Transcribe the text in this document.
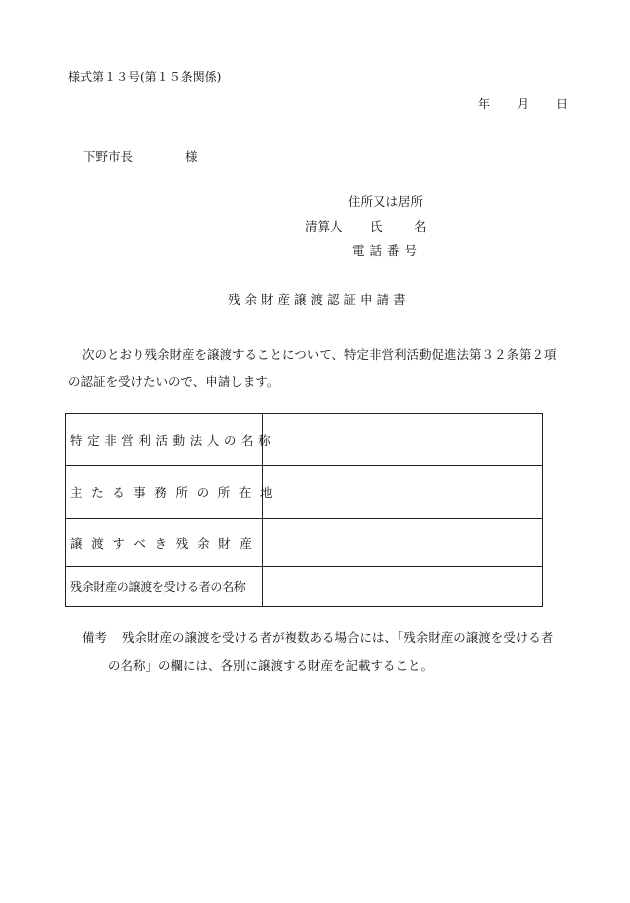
様式第１３号(第１５条関係)
年 月 日
下野市長	様
住所又は居所
清算人 氏	名
電話番号
残余財産譲渡認証申請書
次のとおり残余財産を譲渡することについて、特定非営利活動促進法第３２条第２項
の認証を受けたいので、申請します。
特定非営利活動法人の名称	
主たる事務所の所在地	
譲渡すべき残余財産	
残余財産の譲渡を受ける者の名称	
備考 残余財産の譲渡を受ける者が複数ある場合には、「残余財産の譲渡を受ける者
の名称」の欄には、各別に譲渡する財産を記載すること。
